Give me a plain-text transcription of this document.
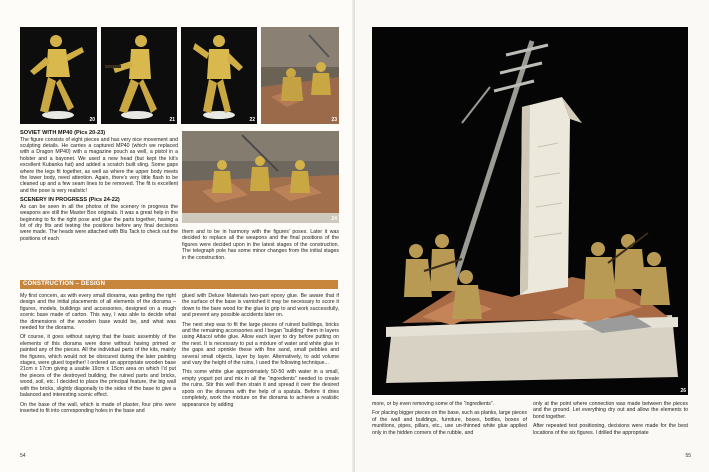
20	21	22	23
SOVIET WITH MP40 (Pics 20-23)

The figure consists of eight pieces and has very nice movement and sculpting details. He carries a captured MP40 (which we replaced with a Dragon MP40) with a magazine pouch as well, a pistol in a holster and a bayonet. We used a new head (but kept the kit’s excellent Kubanka hat) and added a scratch built sling. Some gaps where the legs fit together, as well as where the upper body meets the lower body, need attention. Again, there’s very little flash to be cleaned up and a few seam lines to be removed. The fit is excellent and the pose is very realistic!

SCENERY IN PROGRESS (Pics 24-22)

As can be seen in all the photos of the scenery in progress the weapons are still the Master Box originals. It was a great help in the beginning to fix the right pose and glue the parts together, having a lot of dry fits and testing the positions before any final decisions were made. The heads were attached with Blu Tack to check out the positions of each

24

them and to be in harmony with the figures’ poses. Later it was decided to replace all the weapons and the final positions of the figures were decided upon in the latest stages of the construction. The telegraph pole has some minor changes from the initial stages in the construction.

CONSTRUCTION – DESIGN

My first concern, as with every small diorama, was getting the right design and the initial placements of all elements of the diorama – figures, models, buildings and accessories, designed on a rough scenic base made of carton. This way, I was able to decide what the dimensions of the wooden base would be, and what was needed for the diorama.

Of course, it goes without saying that the basic assembly of the elements of this diorama were done without having primed or painted any of the pieces. All the individual parts of the kits, mainly the figures, which would not be obscured during the later painting stages, were glued together! I ordered an appropriate wooden base 21cm x 17cm giving a usable 19cm x 15cm area on which I’d put the pieces of the destroyed building, the ruined parts and bricks, wood, soil, etc. I decided to place the principal feature, the big wall with the bricks, slightly diagonally to the sides of the base to give a balanced and interesting scenic effect.

On the base of the wall, which is made of plaster, four pins were inserted to fit into corresponding holes in the base and

glued with Deluxe Materials two-part epoxy glue. Be aware that if the surface of the base is varnished it may be necessary to score it down to the bare wood for the glue to grip to and work successfully, and prevent any possible accidents later on.

The next step was to fit the large pieces of ruined buildings, bricks and the remaining accessories and I began “building” them in layers using Atlacol white glue. Allow each layer to dry before putting on the next. It is necessary to put a mixture of water and white glue in the gaps and sprinkle these with fine sand, small pebbles and several small objects, layer by layer. Alternatively, to add volume and vary the height of the ruins, I used the following technique...

This some white glue approximately 50-50 with water in a small, empty yogurt pot and mix in all the “ingredients” needed to create the ruins. Stir this well then strain it and spread it over the desired spots on the diorama with the help of a spatula. Before it dries completely, work the mixture on the diorama to achieve a realistic appearance by adding

54
26

more, or by even removing some of the “ingredients”.

For placing bigger pieces on the base, such as planks, large pieces of the wall and buildings, furniture, boxes, bottles, boxes of munitions, pipes, pillars, etc., use un-thinned white glue applied only in the hidden corners of the rubble, and

only at the point where connection was made between the pieces and the ground. Let everything dry out and allow the elements to bond together.

After repeated test positioning, decisions were made for the best locations of the six figures. I drilled the appropriate

55
